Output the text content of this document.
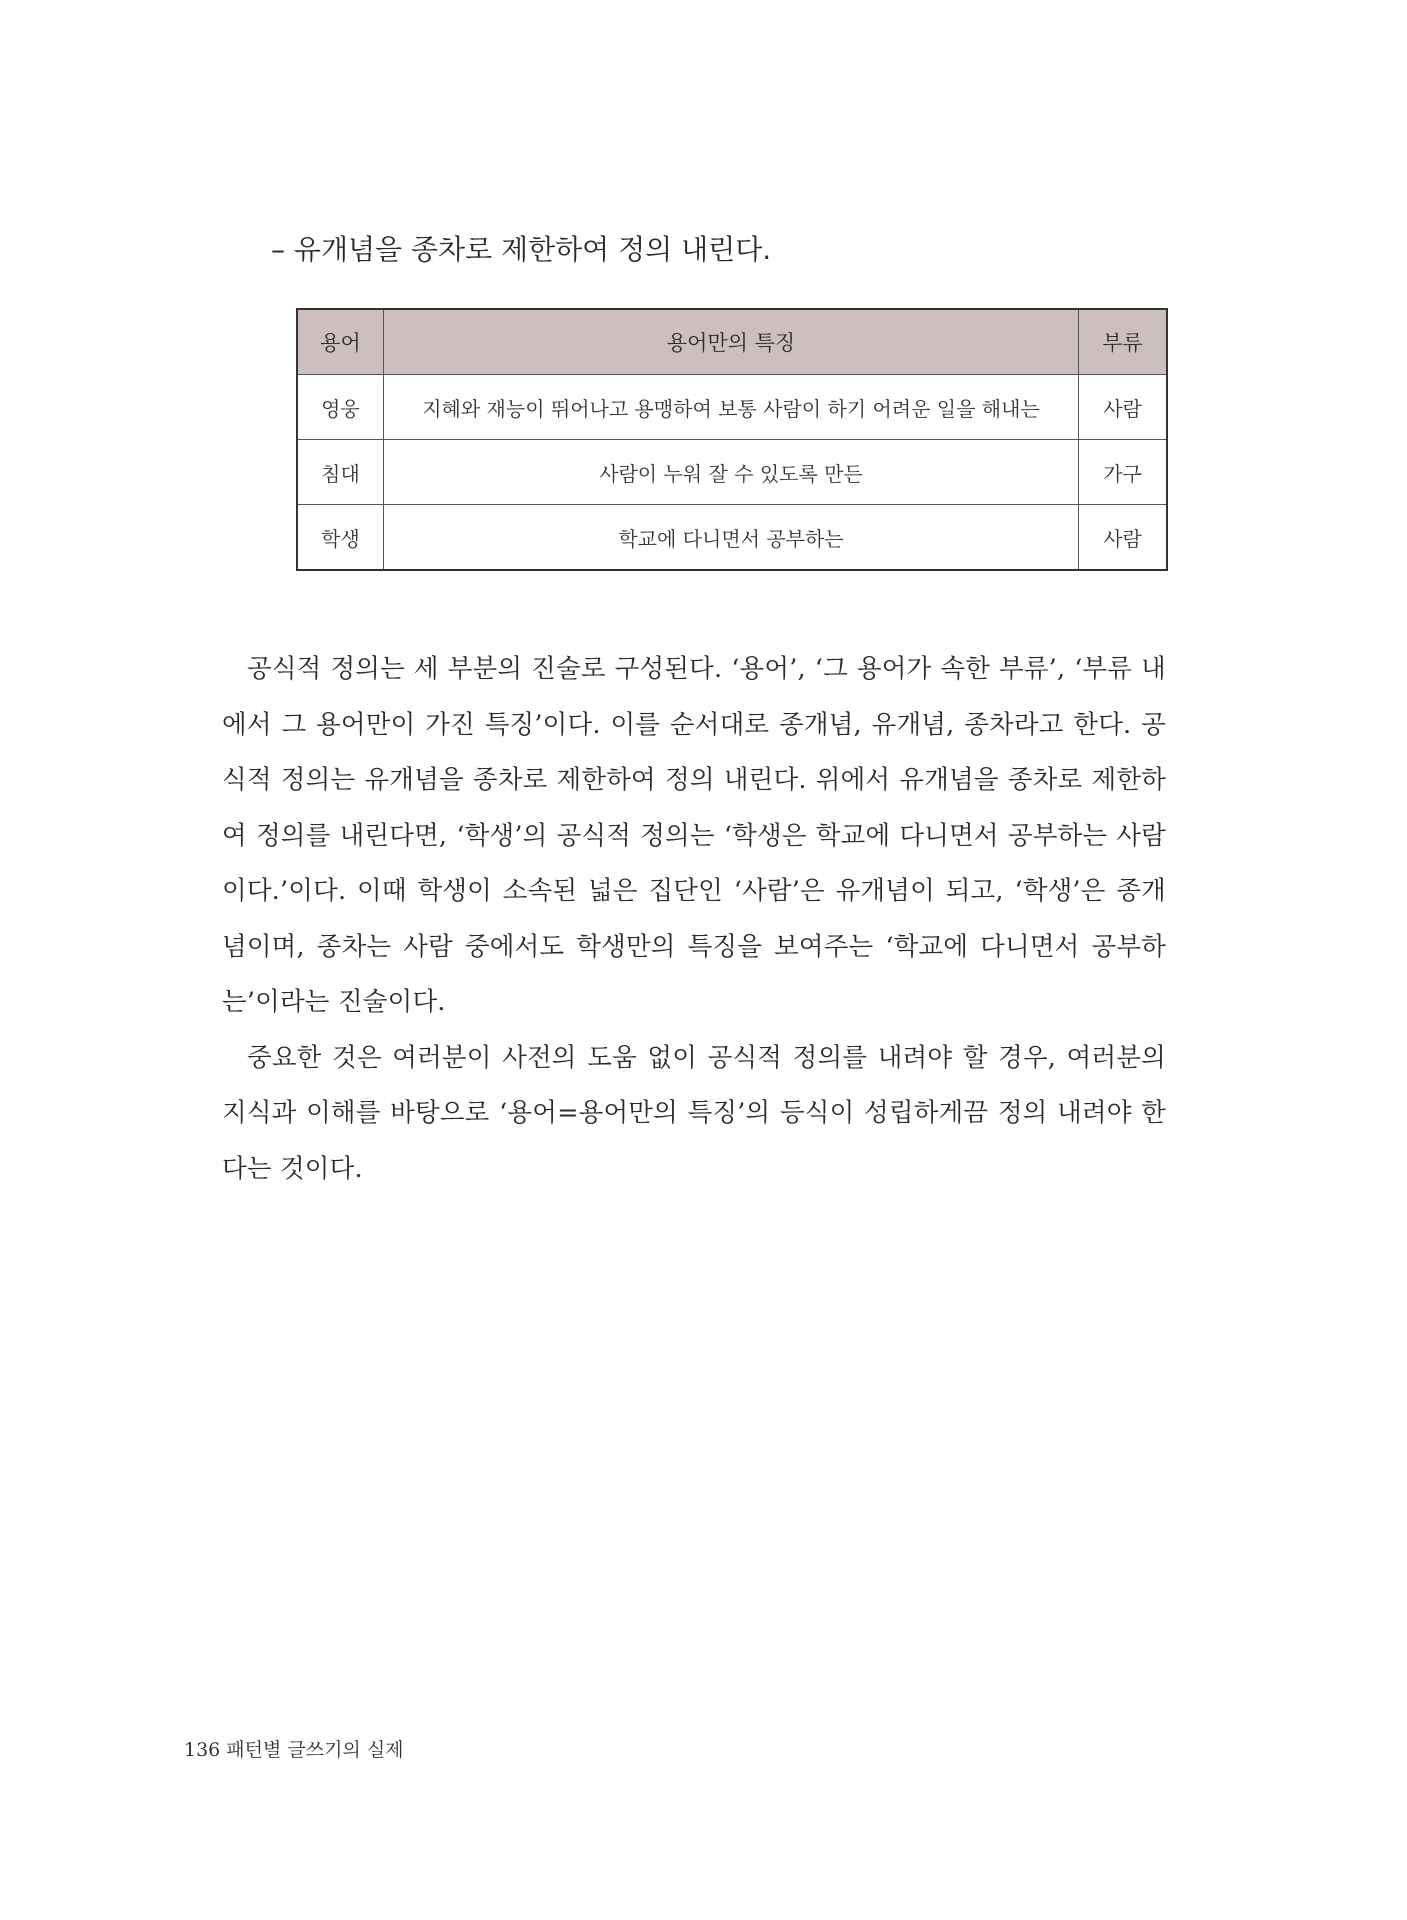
– 유개념을 종차로 제한하여 정의 내린다.
용어	용어만의 특징	부류
영웅	지혜와 재능이 뛰어나고 용맹하여 보통 사람이 하기 어려운 일을 해내는	사람
침대	사람이 누워 잘 수 있도록 만든	가구
학생	학교에 다니면서 공부하는	사람

공식적 정의는 세 부분의 진술로 구성된다. ‘용어’, ‘그 용어가 속한 부류’, ‘부류 내에서 그 용어만이 가진 특징’이다. 이를 순서대로 종개념, 유개념, 종차라고 한다. 공식적 정의는 유개념을 종차로 제한하여 정의 내린다. 위에서 유개념을 종차로 제한하여 정의를 내린다면, ‘학생’의 공식적 정의는 ‘학생은 학교에 다니면서 공부하는 사람이다.’이다. 이때 학생이 소속된 넓은 집단인 ‘사람’은 유개념이 되고, ‘학생’은 종개념이며, 종차는 사람 중에서도 학생만의 특징을 보여주는 ‘학교에 다니면서 공부하는’이라는 진술이다.

중요한 것은 여러분이 사전의 도움 없이 공식적 정의를 내려야 할 경우, 여러분의 지식과 이해를 바탕으로 ‘용어=용어만의 특징’의 등식이 성립하게끔 정의 내려야 한다는 것이다.

136 패턴별 글쓰기의 실제
